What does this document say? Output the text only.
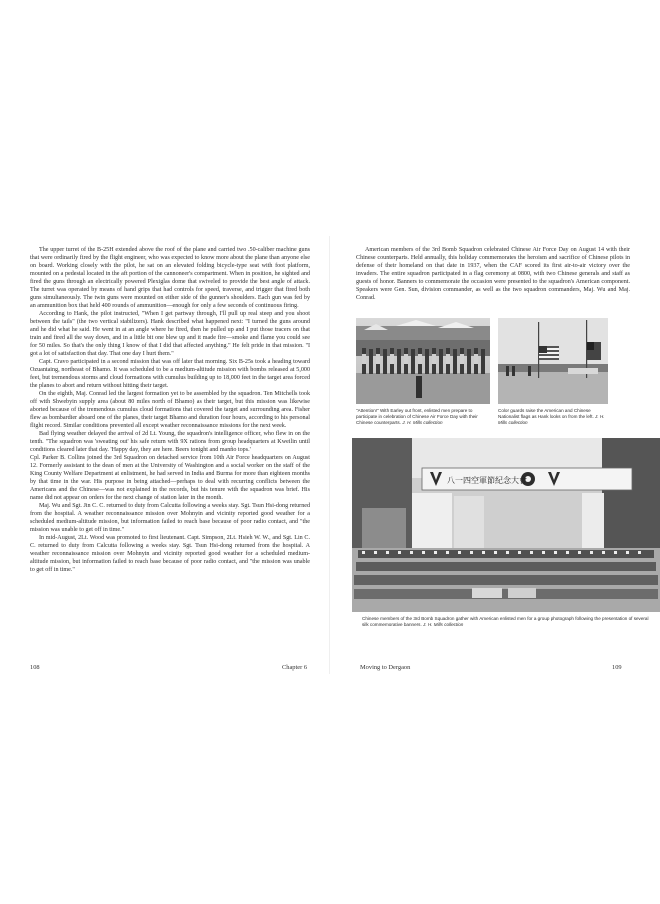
The upper turret of the B-25H extended above the roof of the plane and carried two .50-caliber machine guns that were ordinarily fired by the flight engineer, who was expected to know more about the plane than anyone else on board. Working closely with the pilot, he sat on an elevated folding bicycle-type seat with foot platform, mounted on a pedestal located in the aft portion of the cannoneer's compartment. When in position, he sighted and fired the guns through an electrically powered Plexiglas dome that swiveled to provide the best angle of attack. The turret was operated by means of hand grips that had controls for speed, traverse, and trigger that fired both guns simultaneously. The twin guns were mounted on either side of the gunner's shoulders. Each gun was fed by an ammunition box that held 400 rounds of ammunition—enough for only a few seconds of continuous firing.

According to Hank, the pilot instructed, "When I get partway through, I'll pull up real steep and you shoot between the tails" (the two vertical stabilizers). Hank described what happened next: "I turned the guns around and he did what he said. He went in at an angle where he fired, then he pulled up and I put those tracers on that train and fired all the way down, and in a little bit one blew up and it made fire—smoke and flame you could see for 50 miles. So that's the only thing I know of that I did that affected anything." He felt pride in that mission. "I got a lot of satisfaction that day. That one day I hurt them."

Capt. Cravo participated in a second mission that was off later that morning. Six B-25s took a heading toward Ozuantaing, northeast of Bhamo. It was scheduled to be a medium-altitude mission with bombs released at 5,000 feet, but tremendous storms and cloud formations with cumulus building up to 18,000 feet in the target area forced the planes to abort and return without hitting their target.

On the eighth, Maj. Conrad led the largest formation yet to be assembled by the squadron. Ten Mitchells took off with Shwebyin supply area (about 80 miles north of Bhamo) as their target, but this mission was likewise aborted because of the tremendous cumulus cloud formations that covered the target and surrounding area. Fisher flew as bombardier aboard one of the planes, their target Bhamo and duration four hours, according to his personal flight record. Similar conditions prevented all except weather reconnaissance missions for the next week.

Bad flying weather delayed the arrival of 2d Lt. Young, the squadron's intelligence officer, who flew in on the tenth. "The squadron was 'sweating out' his safe return with 9X rations from group headquarters at Kweilin until conditions cleared later that day. 'Happy day, they are here. Beers tonight and manño tops.'

Cpl. Parker B. Collins joined the 3rd Squadron on detached service from 10th Air Force headquarters on August 12. Formerly assistant to the dean of men at the University of Washington and a social worker on the staff of the King County Welfare Department at enlistment, he had served in India and Burma for more than eighteen months by that time in the war. His purpose in being attached—perhaps to deal with recurring conflicts between the Americans and the Chinese—was not explained in the records, but his tenure with the squadron was brief. His name did not appear on orders for the next change of station later in the month.

Maj. Wu and Sgt. Jin C. C. returned to duty from Calcutta following a weeks stay. Sgt. Tsun Hsi-dong returned from the hospital. A weather reconnaissance mission over Mohnyin and vicinity reported good weather for a scheduled medium-altitude mission, but information failed to reach base because of poor radio contact, and "the mission was unable to get off in time."

In mid-August, 2Lt. Wood was promoted to first lieutenant. Capt. Simpson, 2Lt. Hsieh W. W., and Sgt. Lin C. C. returned to duty from Calcutta following a weeks stay. Sgt. Tsun Hsi-dong returned from the hospital. A weather reconnaissance mission over Mohnyin and vicinity reported good weather for a scheduled medium-altitude mission, but information failed to reach base because of poor radio contact, and "the mission was unable to get off in time."

108	Chapter 6

American members of the 3rd Bomb Squadron celebrated Chinese Air Force Day on August 14 with their Chinese counterparts. Held annually, this holiday commemorates the heroism and sacrifice of Chinese pilots in defense of their homeland on that date in 1937, when the CAF scored its first air-to-air victory over the invaders. The entire squadron participated in a flag ceremony at 0800, with two Chinese generals and staff as guests of honor. Banners to commemorate the occasion were presented to the squadron's American component. Speakers were Gen. Sun, division commander, as well as the two squadron commanders, Maj. Wu and Maj. Conrad.

"Attention!" With Earley out front, enlisted men prepare to participate in celebration of Chinese Air Force Day with their Chinese counterparts. J. H. Mills collection
Color guards raise the American and Chinese Nationalist flags as Hank looks on from the left. J. H. Mills collection
八一四空軍節紀念大會
Chinese members of the 3rd Bomb Squadron gather with American enlisted men for a group photograph following the presentation of several silk commemorative banners. J. H. Mills collection
Moving to Dergaon	109
